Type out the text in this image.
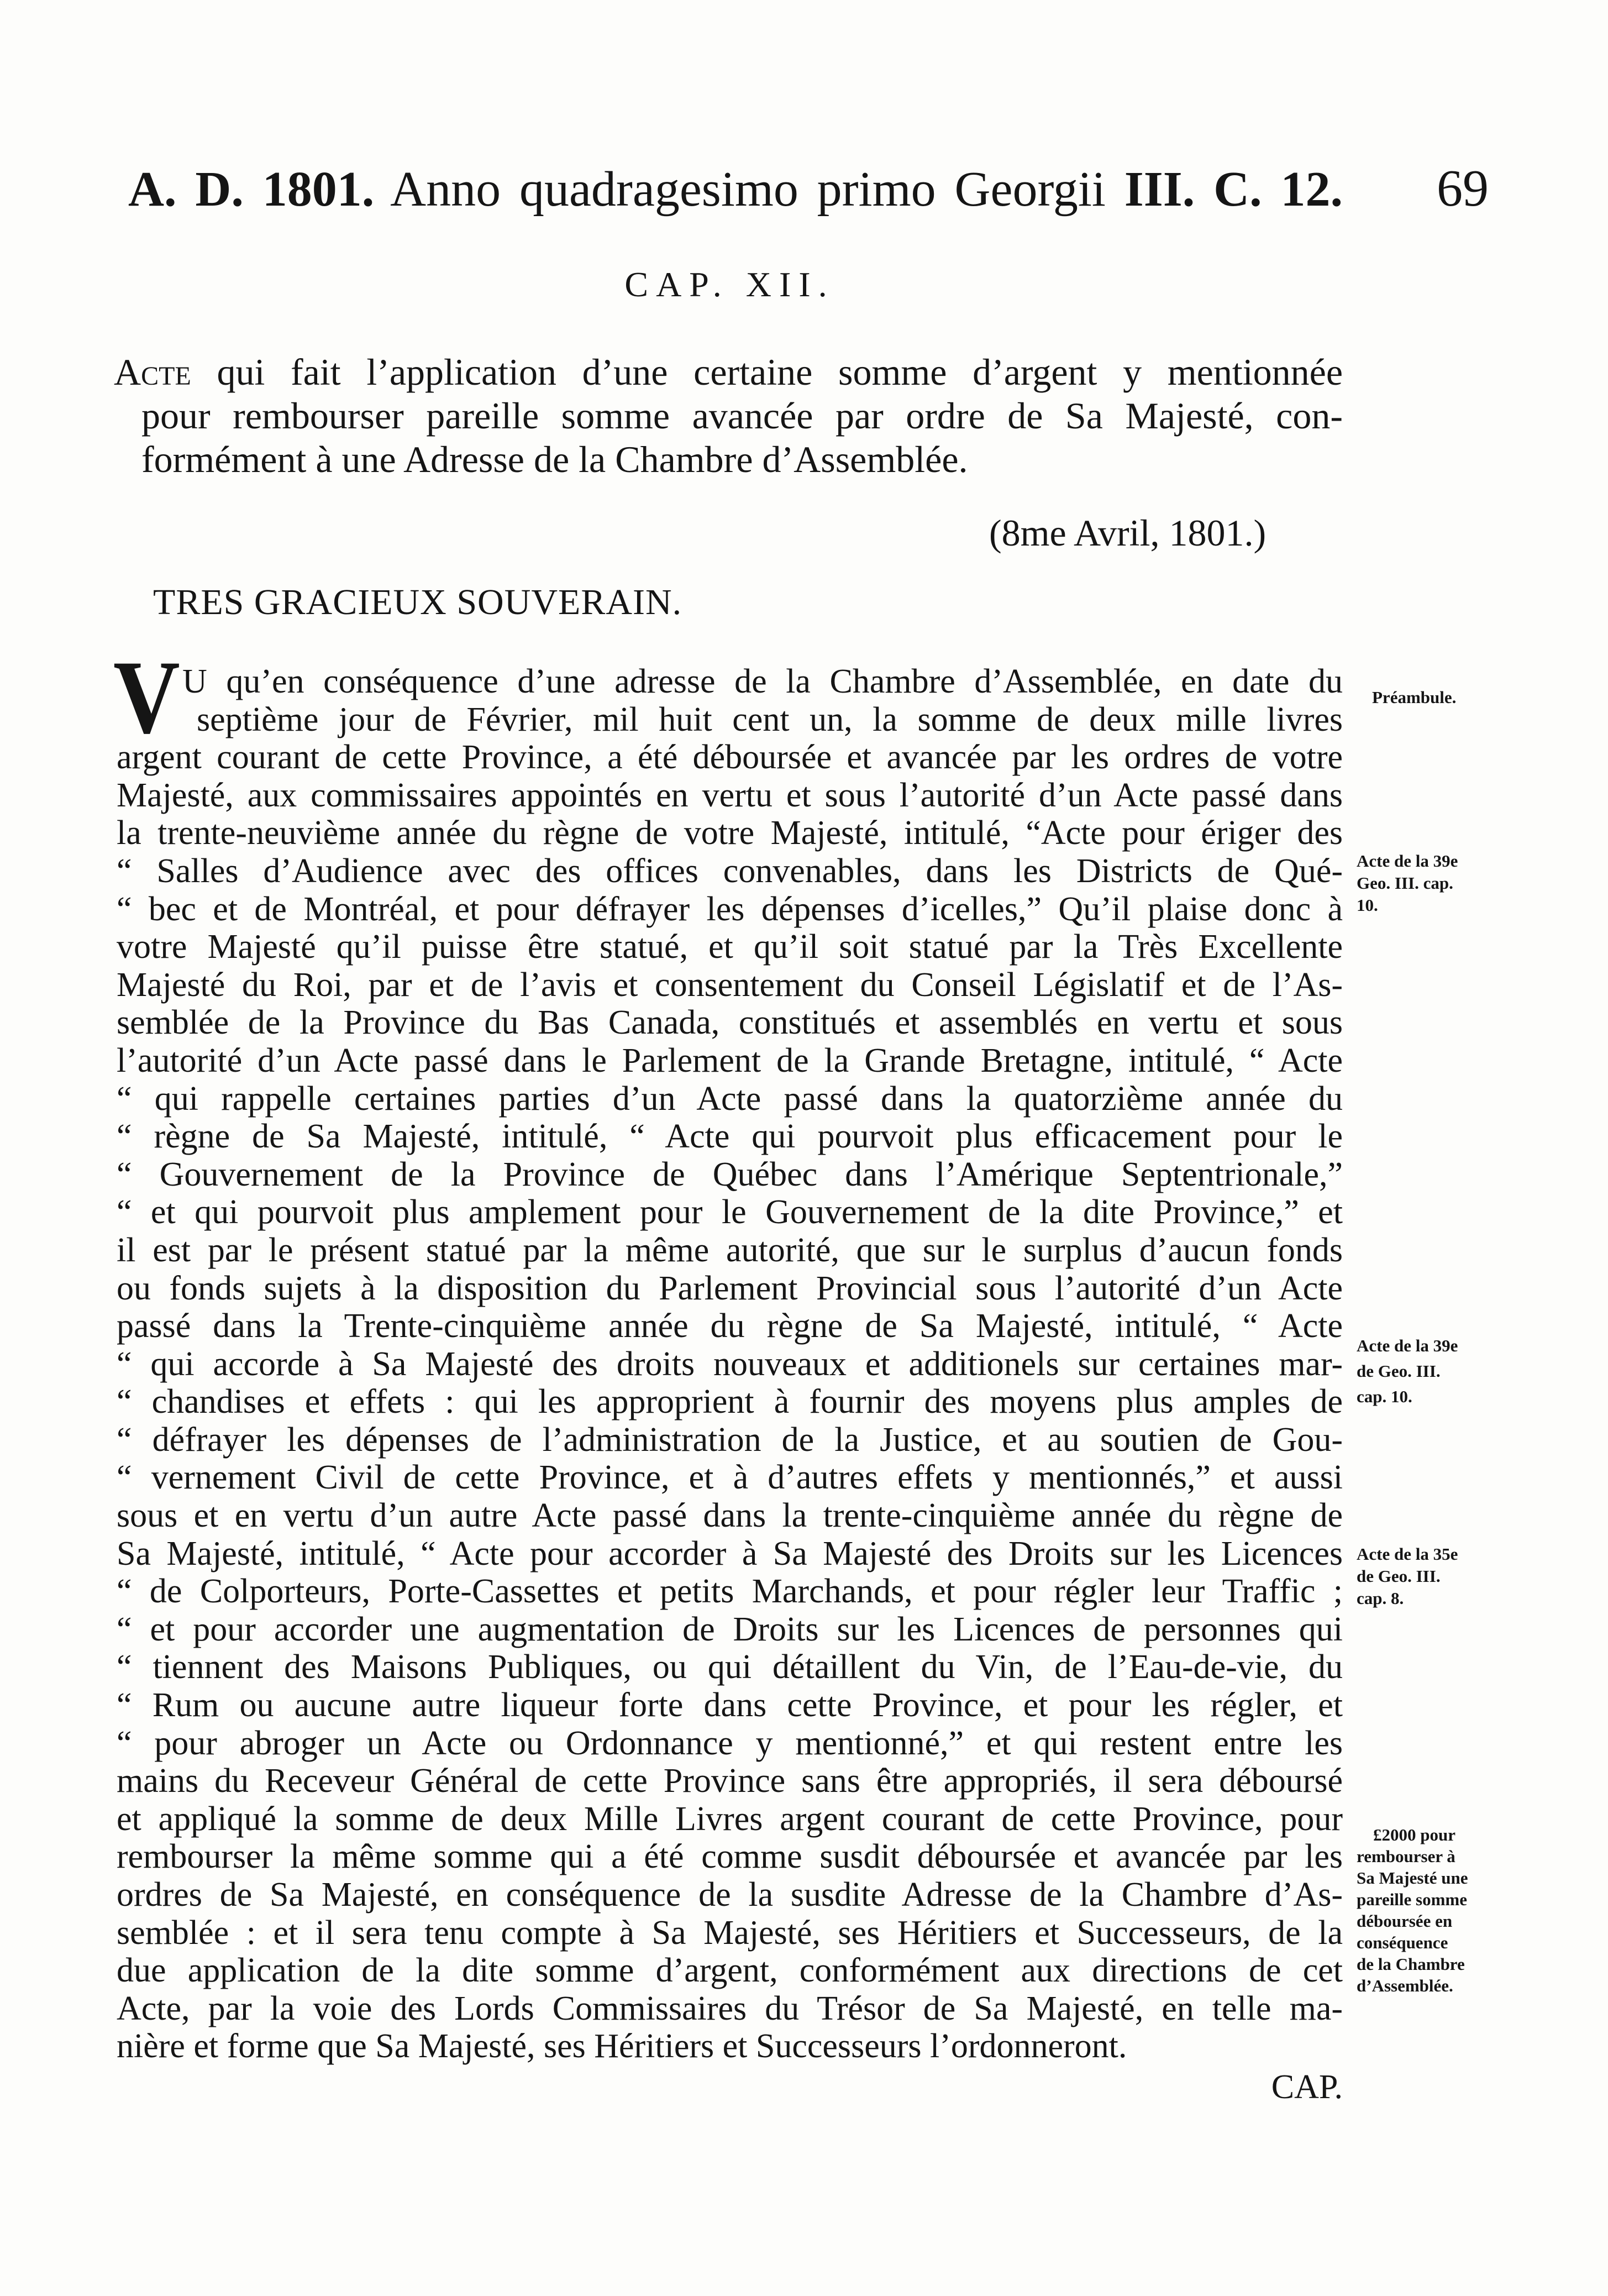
A. D. 1801. Anno quadragesimo primo Georgii III. C. 12. 69
CAP. XII.
Acte qui fait l’application d’une certaine somme d’argent y mentionnée
pour rembourser pareille somme avancée par ordre de Sa Majesté, con-
formément à une Adresse de la Chambre d’Assemblée.
(8me Avril, 1801.)
TRES GRACIEUX SOUVERAIN.
V U qu’en conséquence d’une adresse de la Chambre d’Assemblée, en date du
septième jour de Février, mil huit cent un, la somme de deux mille livres
argent courant de cette Province, a été déboursée et avancée par les ordres de votre
Majesté, aux commissaires appointés en vertu et sous l’autorité d’un Acte passé dans
la trente-neuvième année du règne de votre Majesté, intitulé, “Acte pour ériger des
“ Salles d’Audience avec des offices convenables, dans les Districts de Qué-
“ bec et de Montréal, et pour défrayer les dépenses d’icelles,” Qu’il plaise donc à
votre Majesté qu’il puisse être statué, et qu’il soit statué par la Très Excellente
Majesté du Roi, par et de l’avis et consentement du Conseil Législatif et de l’As-
semblée de la Province du Bas Canada, constitués et assemblés en vertu et sous
l’autorité d’un Acte passé dans le Parlement de la Grande Bretagne, intitulé, “ Acte
“ qui rappelle certaines parties d’un Acte passé dans la quatorzième année du
“ règne de Sa Majesté, intitulé, “ Acte qui pourvoit plus efficacement pour le
“ Gouvernement de la Province de Québec dans l’Amérique Septentrionale,”
“ et qui pourvoit plus amplement pour le Gouvernement de la dite Province,” et
il est par le présent statué par la même autorité, que sur le surplus d’aucun fonds
ou fonds sujets à la disposition du Parlement Provincial sous l’autorité d’un Acte
passé dans la Trente-cinquième année du règne de Sa Majesté, intitulé, “ Acte
“ qui accorde à Sa Majesté des droits nouveaux et additionels sur certaines mar-
“ chandises et effets : qui les approprient à fournir des moyens plus amples de
“ défrayer les dépenses de l’administration de la Justice, et au soutien de Gou-
“ vernement Civil de cette Province, et à d’autres effets y mentionnés,” et aussi
sous et en vertu d’un autre Acte passé dans la trente-cinquième année du règne de
Sa Majesté, intitulé, “ Acte pour accorder à Sa Majesté des Droits sur les Licences
“ de Colporteurs, Porte-Cassettes et petits Marchands, et pour régler leur Traffic ;
“ et pour accorder une augmentation de Droits sur les Licences de personnes qui
“ tiennent des Maisons Publiques, ou qui détaillent du Vin, de l’Eau-de-vie, du
“ Rum ou aucune autre liqueur forte dans cette Province, et pour les régler, et
“ pour abroger un Acte ou Ordonnance y mentionné,” et qui restent entre les
mains du Receveur Général de cette Province sans être appropriés, il sera déboursé
et appliqué la somme de deux Mille Livres argent courant de cette Province, pour
rembourser la même somme qui a été comme susdit déboursée et avancée par les
ordres de Sa Majesté, en conséquence de la susdite Adresse de la Chambre d’As-
semblée : et il sera tenu compte à Sa Majesté, ses Héritiers et Successeurs, de la
due application de la dite somme d’argent, conformément aux directions de cet
Acte, par la voie des Lords Commissaires du Trésor de Sa Majesté, en telle ma-
nière et forme que Sa Majesté, ses Héritiers et Successeurs l’ordonneront.
Préambule.
Acte de la 39e
Geo. III. cap.
10.
Acte de la 39e
de Geo. III.
cap. 10.
Acte de la 35e
de Geo. III.
cap. 8.
£2000 pour
rembourser à
Sa Majesté une
pareille somme
déboursée en
conséquence
de la Chambre
d’Assemblée.
CAP.
